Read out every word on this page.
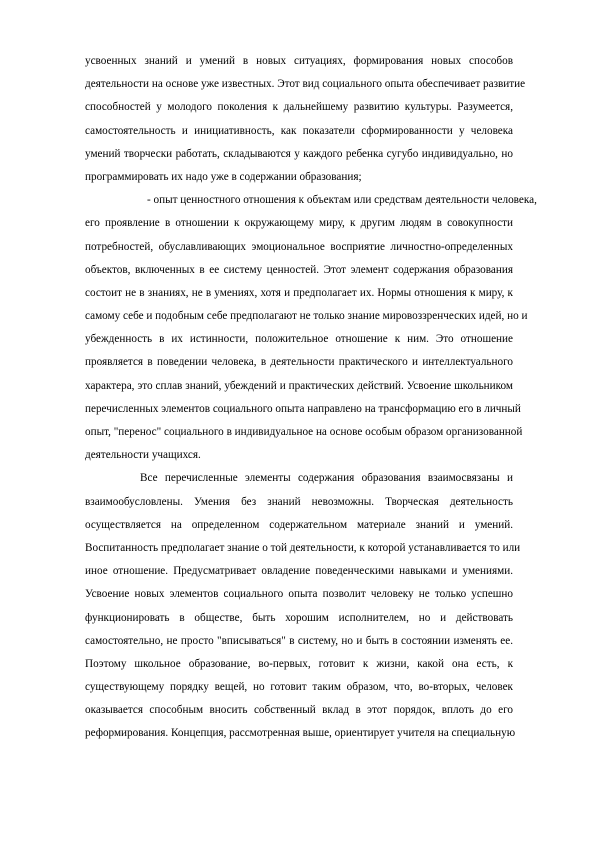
усвоенных знаний и умений в новых ситуациях, формирования новых способов
деятельности на основе уже известных. Этот вид социального опыта обеспечивает развитие
способностей у молодого поколения к дальнейшему развитию культуры. Разумеется,
самостоятельность и инициативность, как показатели сформированности у человека
умений творчески работать, складываются у каждого ребенка сугубо индивидуально, но
программировать их надо уже в содержании образования;
- опыт ценностного отношения к объектам или средствам деятельности человека,
его проявление в отношении к окружающему миру, к другим людям в совокупности
потребностей, обуславливающих эмоциональное восприятие личностно-определенных
объектов, включенных в ее систему ценностей. Этот элемент содержания образования
состоит не в знаниях, не в умениях, хотя и предполагает их. Нормы отношения к миру, к
самому себе и подобным себе предполагают не только знание мировоззренческих идей, но и
убежденность в их истинности, положительное отношение к ним. Это отношение
проявляется в поведении человека, в деятельности практического и интеллектуального
характера, это сплав знаний, убеждений и практических действий. Усвоение школьником
перечисленных элементов социального опыта направлено на трансформацию его в личный
опыт, "перенос" социального в индивидуальное на основе особым образом организованной
деятельности учащихся.
Все перечисленные элементы содержания образования взаимосвязаны и
взаимообусловлены. Умения без знаний невозможны. Творческая деятельность
осуществляется на определенном содержательном материале знаний и умений.
Воспитанность предполагает знание о той деятельности, к которой устанавливается то или
иное отношение. Предусматривает овладение поведенческими навыками и умениями.
Усвоение новых элементов социального опыта позволит человеку не только успешно
функционировать в обществе, быть хорошим исполнителем, но и действовать
самостоятельно, не просто "вписываться" в систему, но и быть в состоянии изменять ее.
Поэтому школьное образование, во-первых, готовит к жизни, какой она есть, к
существующему порядку вещей, но готовит таким образом, что, во-вторых, человек
оказывается способным вносить собственный вклад в этот порядок, вплоть до его
реформирования. Концепция, рассмотренная выше, ориентирует учителя на специальную
